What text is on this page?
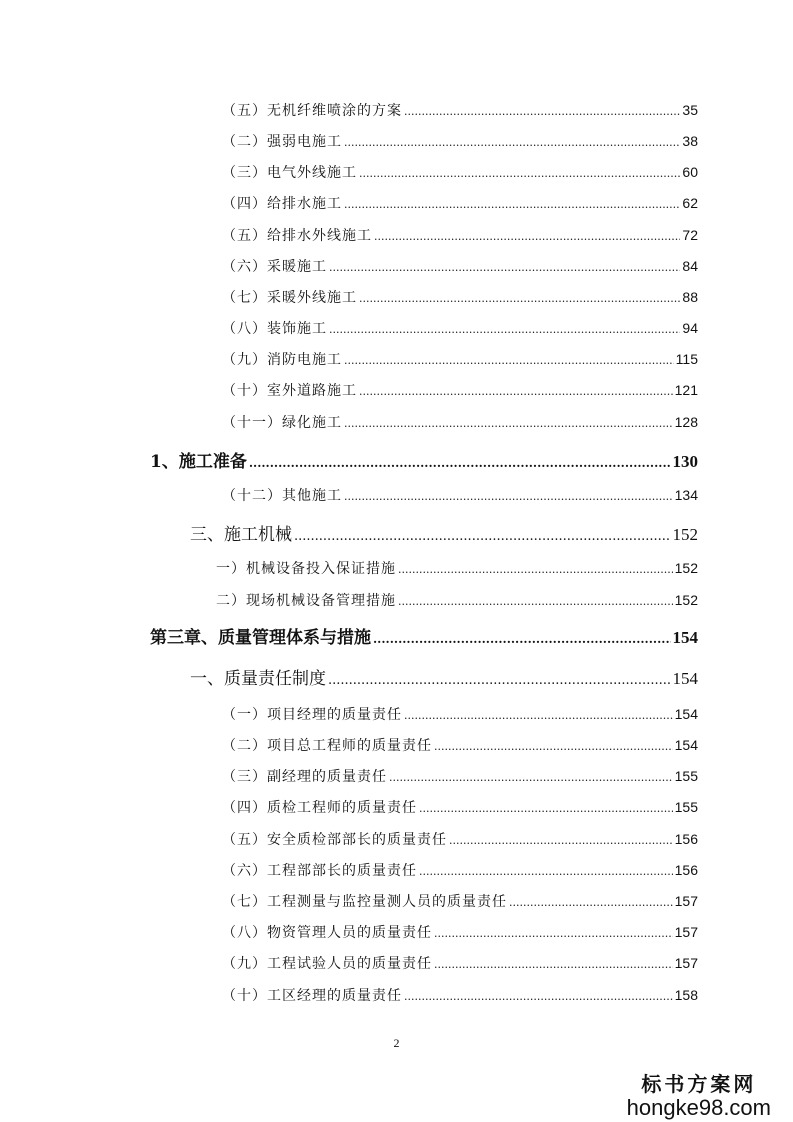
（五）无机纤维喷涂的方案 .....	35
（二）强弱电施工 .....	38
（三）电气外线施工 .....	60
（四）给排水施工 .....	62
（五）给排水外线施工 .....	72
（六）采暖施工 .....	84
（七）采暖外线施工 .....	88
（八）装饰施工 .....	94
（九）消防电施工 .....	115
（十）室外道路施工 .....	121
（十一）绿化施工 .....	128
1、施工准备 .....	130
（十二）其他施工 .....	134
三、施工机械 .....	152
一）机械设备投入保证措施 .....	152
二）现场机械设备管理措施 .....	152
第三章、质量管理体系与措施 .....	154
一、质量责任制度 .....	154
（一）项目经理的质量责任 .....	154
（二）项目总工程师的质量责任 .....	154
（三）副经理的质量责任 .....	155
（四）质检工程师的质量责任 .....	155
（五）安全质检部部长的质量责任 .....	156
（六）工程部部长的质量责任 .....	156
（七）工程测量与监控量测人员的质量责任 .....	157
（八）物资管理人员的质量责任 .....	157
（九）工程试验人员的质量责任 .....	157
（十）工区经理的质量责任 .....	158
2
标书方案网
hongke98.com
